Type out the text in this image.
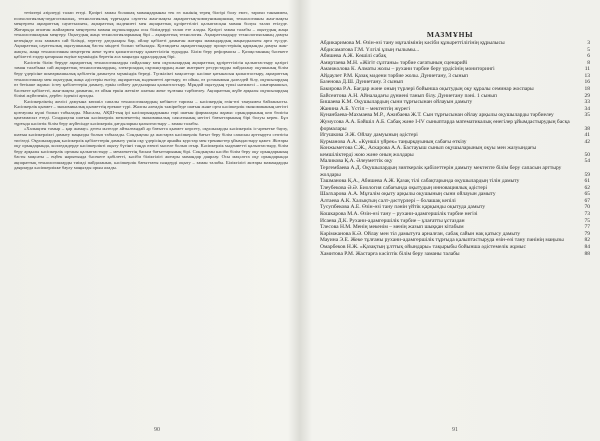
тетіктері әзірлеуді талап етеді. Қазіргі заман болашақ мамандарынан тек өз пәнінің терең білгірі болу емес, тарихи таныммен, психологиялық-педагогикалық, технологиялық тұрғыдан сауатты жан-жақты ақпараттық-коммуникациялық технологияны жан-жақты меңгерген ақпараттық сауаттылығы, ақпараттық мәдениеті мен ақпараттық құзіреттілігі қалыптасқан маман болуы талап етілуде. Жоғарыда аталған жайлармен меңгерген маман оқушылардан осы білімдерді талап ете алады. Қазіргі заман талабы – оқытудың жаңа технологияларын меңгеру. Оқытудың жаңа технологияларының бірі – ақпараттық технология. Ақпараттандыру технологиясының дамуы кезеңінде осы заманға сай білімді, зерттеу дағдылары бар, ойлау қабілеті дамыған жоғары мамандардың маңыздылығы арта түсуде. Ақпараттық сауаттылық оқытушының басты міндеті болып табылады. Қоғамдағы ақпараттандыру процестерінің қарқынды дамуы жан-жақты, жаңа технологияны меңгерген жеке тұлға қалыптастыру қажеттілігін тудырды. Білім беру реформасы – Қазақстанның бәсекеге қабілетті елдер қатарына енуіне мүмкіндік беретін аса маңызды құралдардың бірі.

Кәсіптік білім беруде ақпараттық технологияларды пайдалану мен оқушылардың ақпараттық құзіреттілігін қалыптастыру қазіргі заман талабына сай ақпараттық технологиялардың, электрондық оқулықтардың және интернет ресурстарды пайдалану оқушының білім беру үдерісіне шығармашылық қабілетін дамытуға мүмкіндік береді. Түпкілікті мақсаттар: кәсіпке қатынасын қалыптастыру, ақпараттық технологиялар мен оқытудың жаңа әдістерін енгізу, ақпараттық мәдениетті арттыру, өз ойын, өз ұстанымын дәлелдей білу, оқушылардың өз бетінше жұмыс істеу қабілеттерін дамыту, еркін сөйлеу дағдыларын қалыптастыру. Мұндай оқытудың түпкі нәтижесі – шығармашыл, бәсекеге қабілетті, жан-жақты дамыған, өз ойын еркін жеткізе алатын жеке тұлғаны тәрбиелеу. Ақпараттық жүйе арқылы оқушылардың білімі жүйеленіп, дербес ізденісі артады.

Кәсіпкерліктің желісі дамуына көпшіл сапалы технологиялардың көбінесе тарихы – кәсіпкердің өзін-өзі тануымен байланысты. Кәсіпкерлік қызмет – экономикалық қызметтің ерекше түрі. Жалпы әлемдік тәжірибеде шағын және орта кәсіпкерлік экономиканың негізгі қозғаушы күші болып табылады. Мысалы, АҚШ-тың ірі кәсіпорындарынан гөрі шағын фирмалары жұмыс орындарының көп бөлігін қамтамасыз етеді. Сондықтан шағын кәсіпкерлік мемлекеттің экономикалық саясатының негізгі бағыттарының бірі болуы керек. Бұл тұрғыда кәсіптік білім беру жүйесінде кәсіпкерлік дағдыларын қалыптастыру – заман талабы.

«Халықпен тамыр – қар жамау» деген мәтелде айтылғандай әр бағытта қызмет көрсету, оқушыларды кәсіпкерлік іс-әрекетке баулу, шағын кәсіпкерлікті дамыту маңызды болып табылады. Сондықтан да жастарға кәсіпкерлік бағыт беру білім сапасын арттыруға септігін тигізеді. Оқушылардың кәсіпкерлік қабілеттерін дамыту үшін оқу үдерісінде арнайы курстар мен тренингтер ұйымдастыру қажет. Жоғары оқу орындарында, колледждерде кәсіпкерлікті оқыту бүгінгі таңда өзекті мәселе болып отыр. Кәсіпкерлік мәдениетті қалыптастыру, білім беру арқылы кәсіпкерлік ортаны қалыптастыру – мемлекеттің басым бағыттарының бірі. Сондықтан кәсіби білім беру оқу орындарының басты мақсаты – еңбек нарығында бәсекеге қабілетті, кәсіби біліктілігі жоғары мамандар даярлау. Осы мақсатта оқу орындарында ақпараттық технологияларды тиімді пайдаланып, кәсіпкерлік бағыттағы пәндерді оқыту – заман талабы. Біліктілігі жоғары мамандарды даярлауда кәсіпкерлікке баулу маңызды орын алады.

90
МАЗМҰНЫ
Абдикаримова М. Өзін-өзі тану мұғалімінің кәсіби құзыреттілігінің құрылысы	3
Абдисаматова Г.М. Үлгілі ұлың ғылымы...	5
Абишева А.Ж. Көшілі сабақ	6
Амиртаева М.Н. «Жігіт сұлтаны» тәрбие сағатының сценарийі	8
Аманжолова К. Алматы жолы – рухани тәрбие беру үрдісінің мониторингі	11
Айдаулет Р.М. Қазақ мәдени тәрбие жолы. Дүниетану, 3 сынып	13
Базенова Д.Ш. Дүниетану. 3 сынып	16
Бакирова Р.А. Бағдар және оның түрлері бойынша оқытудың оқу құралы семинар жоспары	18
Байсеитова А.Н. Айналадағы дүниені танып білу. Дүниетану пәні. 1 сынып	29
Бишаева К.М. Оқушылардың сыни тұрғысынан ойлауын дамыту	33
Жанина А.Б. Үстіп – мектептің жүрегі	34
Кунанбаева-Махмаева М.Р., Ажибаева Ж.Т. Сын тұрғысынан ойлау арқылы оқушыларды тәрбиелеу	35
Жумусова А.А. Бәйшіл А.Б. Сабақ және I-IV сыныптарда математикалық өнегілер ұйымдастырудың басқа формалары	38
Игушкова Э.Ж. Ойлау дамуының әдістері	41
Курманова А.А. «Күншіл үйрек» таңырқауының сабағы өткізу	42
Конжыметова С.Ж., Аскарова А.А. Бастауыш сынып оқушыларының оқуы мен жазуындағы кемшіліктерді жою және оның жолдары	50
Маликова Қ.А. Әлеуметтік оқу	54
Тергембаева А.Д. Оқушылардың зияткерлік қабілеттерін дамыту мектепте білім беру сапасын арттыру жолдары	59
Ташманова Қ.А., Абишева А.Ж. Қазақ тілі сабақтарында оқушылардың тілін дамыту	61
Тлеубекова Ә.Ә. Биология сабағында оқытудың инновациялық әдістері	62
Шалхарова А.А. Мұғалім оқыту арқылы оқушының сыни ойлауын дамыту	65
Алтаева А.К. Халықтың салт-дәстүрлері – болашақ кепілі	67
Тусупбекова А.Е. Өзін-өзі тану пәнін үйтік қарқынды оқытуда дамыту	70
Кошкарова М.А. Өзін-өзі тану – рухани-адамгершілік тәрбие негізі	73
Исаева Д.К. Рухани-адамгершілік тәрбие – ұлағатты ұстаздан	75
Тлесова Н.М. Менің мекенім – менің жазып шыққан кітабым	77
Кәрімжанова К.Ә. Ойлау мен тіл дамытуға арналған, сабақ сайын нақ қатысу дамыту	79
Мауина Э.Е. Жеке тұлғаны рухани-адамгершілік тұрғыда қалыптастыруда өзін-өзі тану пәнінің маңызы	82
Омарбеков Н.Ж. «Қазақтың ұлттық ойындары» тақырыбы бойынша әдістемелік жұмыс	84
Хамитова Р.М. Жастарға кәсіптік білім беру заманы талабы	88
91
